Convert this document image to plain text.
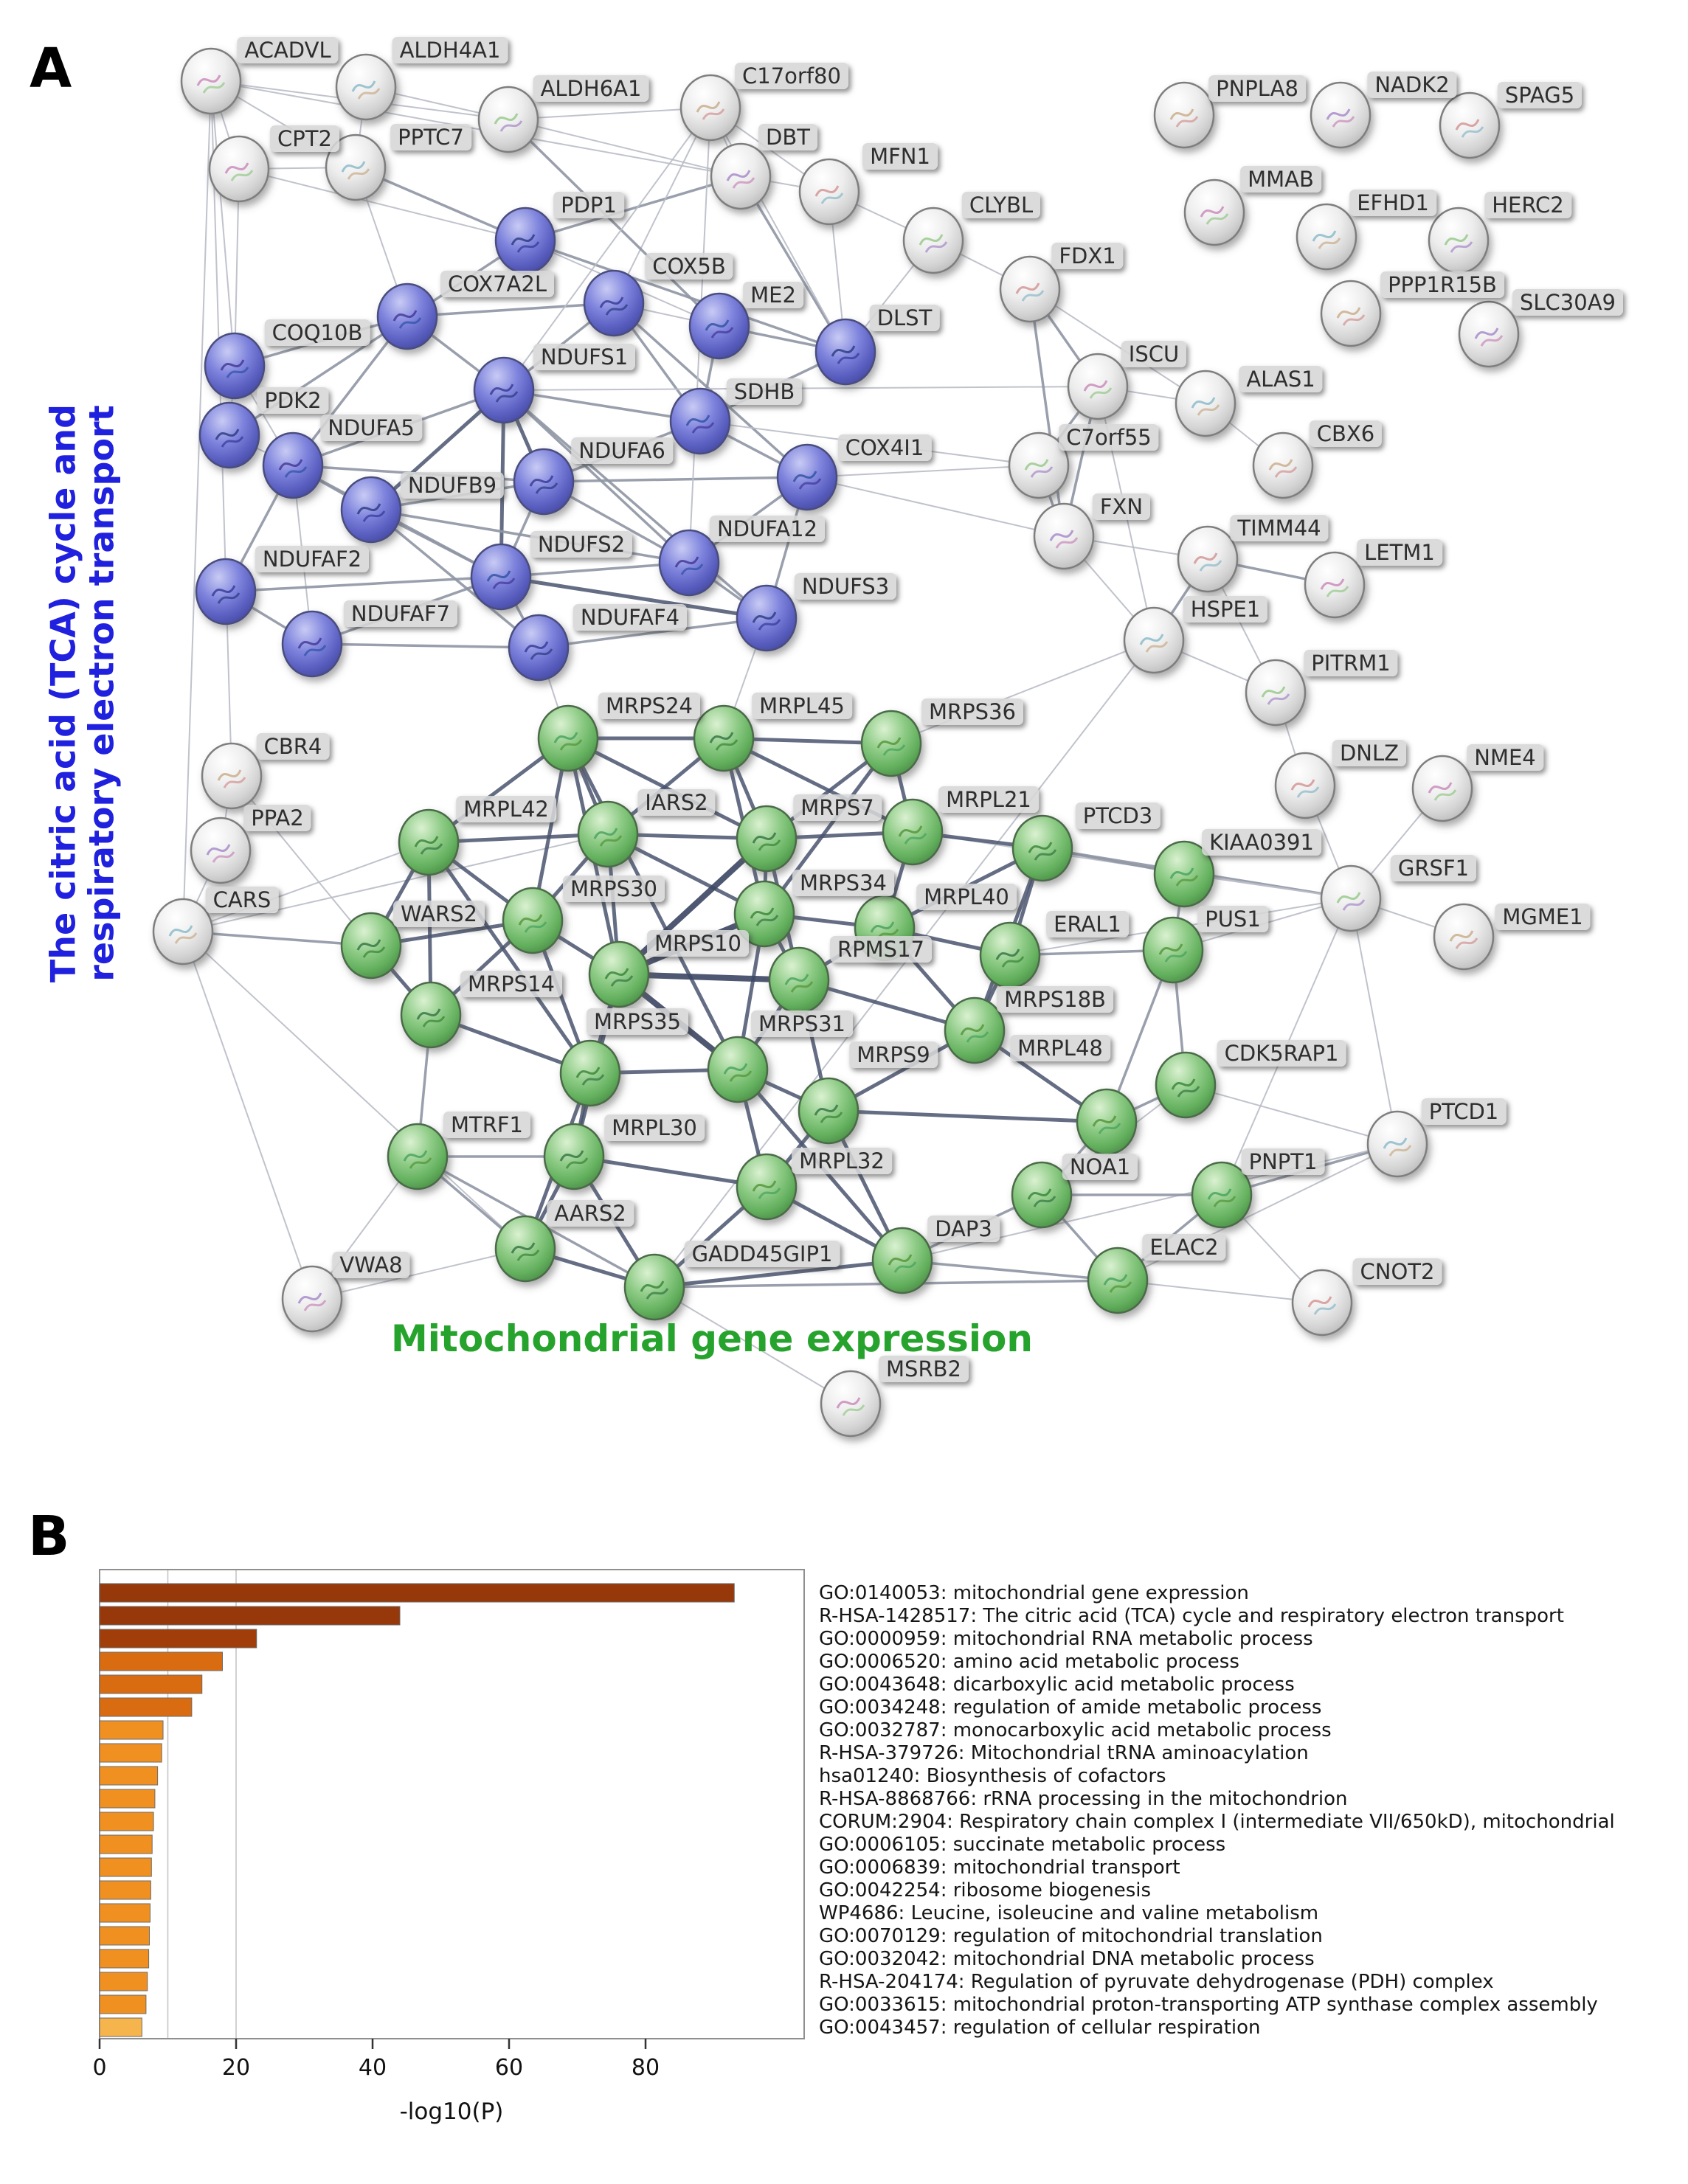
ACADVL	ALDH4A1
ALDH6A1	C17orf80
DBT
MFN1
CPT2	PPTC7
CLYBL
PNPLA8	NADK2	SPAG5
MMAB
EFHD1	HERC2
PPP1R15B
SLC30A9
FDX1
ISCU
ALAS1
C7orf55	CBX6
FXN
TIMM44
LETM1
HSPE1
PITRM1
CBR4
PPA2
DNLZ	NME4
CARS
GRSF1
MGME1
VWA8	CNOT2
MSRB2
PTCD1
PDP1
COX7A2L
COX5B
ME2
DLST
COQ10B
NDUFS1
SDHB
PDK2
NDUFA5
NDUFA6	COX4I1
NDUFB9
NDUFA12
NDUFAF2
NDUFS2
NDUFS3
NDUFAF7	NDUFAF4
MRPS24	MRPL45	MRPS36
MRPL42	IARS2	MRPS7	MRPL21
PTCD3
KIAA0391
WARS2
MRPS30	MRPS34
MRPL40
ERAL1	PUS1
MRPS10	RPMS17
MRPS14
MRPS18B
MRPS35	MRPS31
MRPS9	MRPL48	CDK5RAP1
MTRF1	MRPL30
MRPL32	NOA1	PNPT1
AARS2
DAP3
GADD45GIP1	ELAC2
0	20	40	60	80
GO:0140053: mitochondrial gene expression
R-HSA-1428517: The citric acid (TCA) cycle and respiratory electron transport
GO:0000959: mitochondrial RNA metabolic process
GO:0006520: amino acid metabolic process
GO:0043648: dicarboxylic acid metabolic process
GO:0034248: regulation of amide metabolic process
GO:0032787: monocarboxylic acid metabolic process
R-HSA-379726: Mitochondrial tRNA aminoacylation
hsa01240: Biosynthesis of cofactors
R-HSA-8868766: rRNA processing in the mitochondrion
CORUM:2904: Respiratory chain complex I (intermediate VII/650kD), mitochondrial
GO:0006105: succinate metabolic process
GO:0006839: mitochondrial transport
GO:0042254: ribosome biogenesis
WP4686: Leucine, isoleucine and valine metabolism
GO:0070129: regulation of mitochondrial translation
GO:0032042: mitochondrial DNA metabolic process
R-HSA-204174: Regulation of pyruvate dehydrogenase (PDH) complex
GO:0033615: mitochondrial proton-transporting ATP synthase complex assembly
GO:0043457: regulation of cellular respiration
A
The citric acid (TCA) cycle and
respiratory electron transport
Mitochondrial gene expression
B
-log10(P)
